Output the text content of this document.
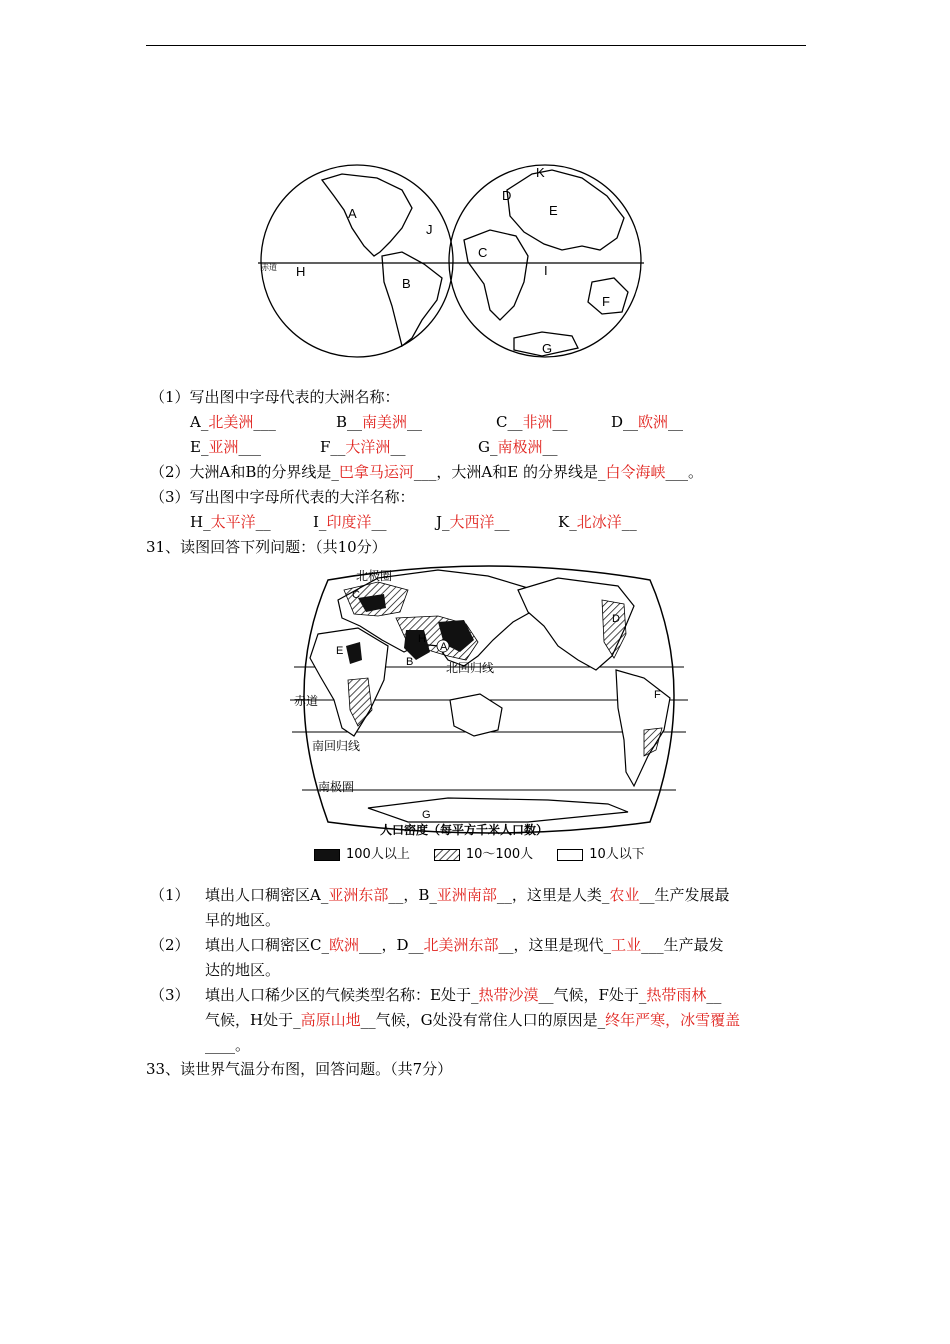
A
B
C
D
E
F
G
H	I
J
K
赤道
（1）写出图中字母代表的大洲名称：
A_北美洲___	B__南美洲__	C__非洲__	D__欧洲__
E_亚洲___	F__大洋洲__	G_南极洲__
（2）大洲A和B的分界线是_巴拿马运河___，大洲A和E 的分界线是_白令海峡___。
（3）写出图中字母所代表的大洋名称：
H_太平洋__	I_印度洋__	J_大西洋__	K_北冰洋__
31、读图回答下列问题：（共10分）
北极圈
北回归线
赤道
南回归线
南极圈
A
B
C
D
E
F
G
H
人口密度（每平方千米人口数）
100人以上	10～100人	10人以下
（1） 填出人口稠密区A_亚洲东部__，B_亚洲南部__，这里是人类_农业__生产发展最
早的地区。
（2） 填出人口稠密区C_欧洲___，D__北美洲东部__，这里是现代_工业___生产最发
达的地区。
（3） 填出人口稀少区的气候类型名称：E处于_热带沙漠__气候，F处于_热带雨林__
气候，H处于_高原山地__气候，G处没有常住人口的原因是_终年严寒，冰雪覆盖
____。
33、读世界气温分布图，回答问题。（共7分）
